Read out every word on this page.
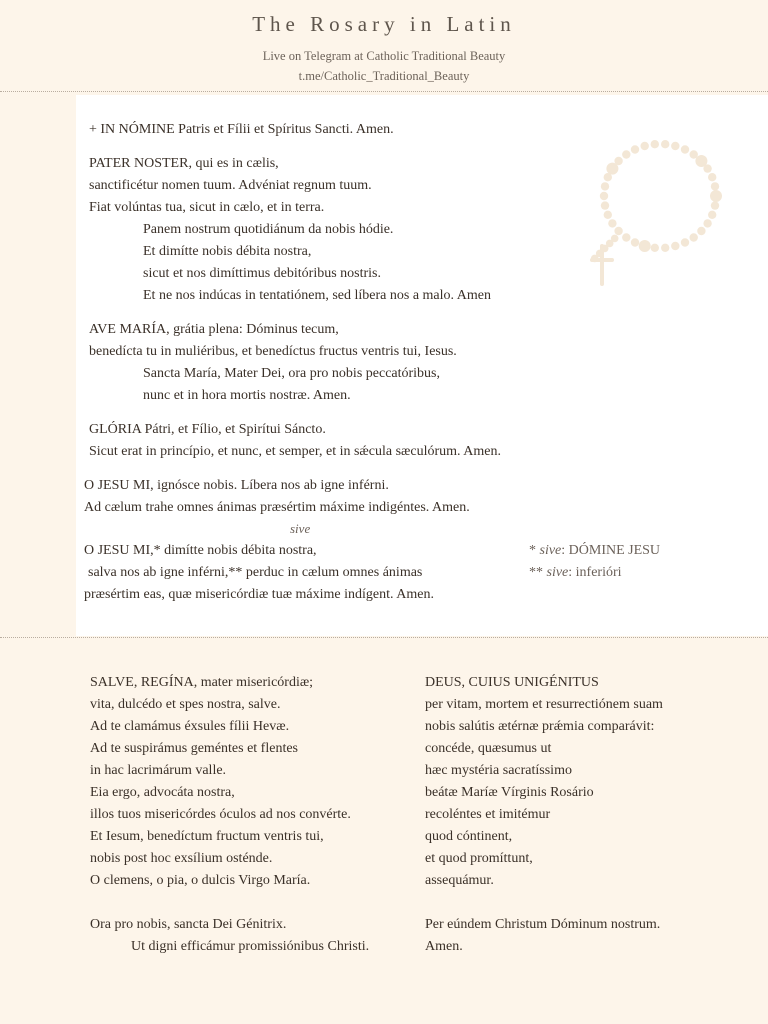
The Rosary in Latin
Live on Telegram at Catholic Traditional Beauty
t.me/Catholic_Traditional_Beauty
+ IN NÓMINE Patris et Fílii et Spíritus Sancti. Amen.
PATER NOSTER, qui es in cælis,
sanctificétur nomen tuum. Advéniat regnum tuum.
Fiat volúntas tua, sicut in cælo, et in terra.
Panem nostrum quotidiánum da nobis hódie.
Et dimítte nobis débita nostra,
sicut et nos dimíttimus debitóribus nostris.
Et ne nos indúcas in tentatiónem, sed líbera nos a malo. Amen
AVE MARÍA, grátia plena: Dóminus tecum,
benedícta tu in muliéribus, et benedíctus fructus ventris tui, Iesus.
Sancta María, Mater Dei, ora pro nobis peccatóribus,
nunc et in hora mortis nostræ. Amen.
GLÓRIA Pátri, et Fílio, et Spirítui Sáncto.
Sicut erat in princípio, et nunc, et semper, et in sǽcula sæculórum. Amen.
O JESU MI, ignósce nobis. Líbera nos ab igne inférni.
Ad cælum trahe omnes ánimas præsértim máxime indigéntes. Amen.
sive
O JESU MI,* dimítte nobis débita nostra,
salva nos ab igne inférni,** perduc in cælum omnes ánimas
præsértim eas, quæ misericórdiæ tuæ máxime indígent. Amen.
* sive: DÓMINE JESU
** sive: inferióri
SALVE, REGÍNA, mater misericórdiæ;
vita, dulcédo et spes nostra, salve.
Ad te clamámus éxsules fílii Hevæ.
Ad te suspirámus geméntes et flentes
in hac lacrimárum valle.
Eia ergo, advocáta nostra,
illos tuos misericórdes óculos ad nos convérte.
Et Iesum, benedíctum fructum ventris tui,
nobis post hoc exsílium osténde.
O clemens, o pia, o dulcis Virgo María.
Ora pro nobis, sancta Dei Génitrix.
Ut digni efficámur promissiónibus Christi.
DEUS, CUIUS UNIGÉNITUS
per vitam, mortem et resurrectiónem suam
nobis salútis ætérnæ prǽmia comparávit:
concéde, quæsumus ut
hæc mystéria sacratíssimo
beátæ Maríæ Vírginis Rosário
recoléntes et imitémur
quod cóntinent,
et quod promíttunt,
assequámur.
Per eúndem Christum Dóminum nostrum.
Amen.
